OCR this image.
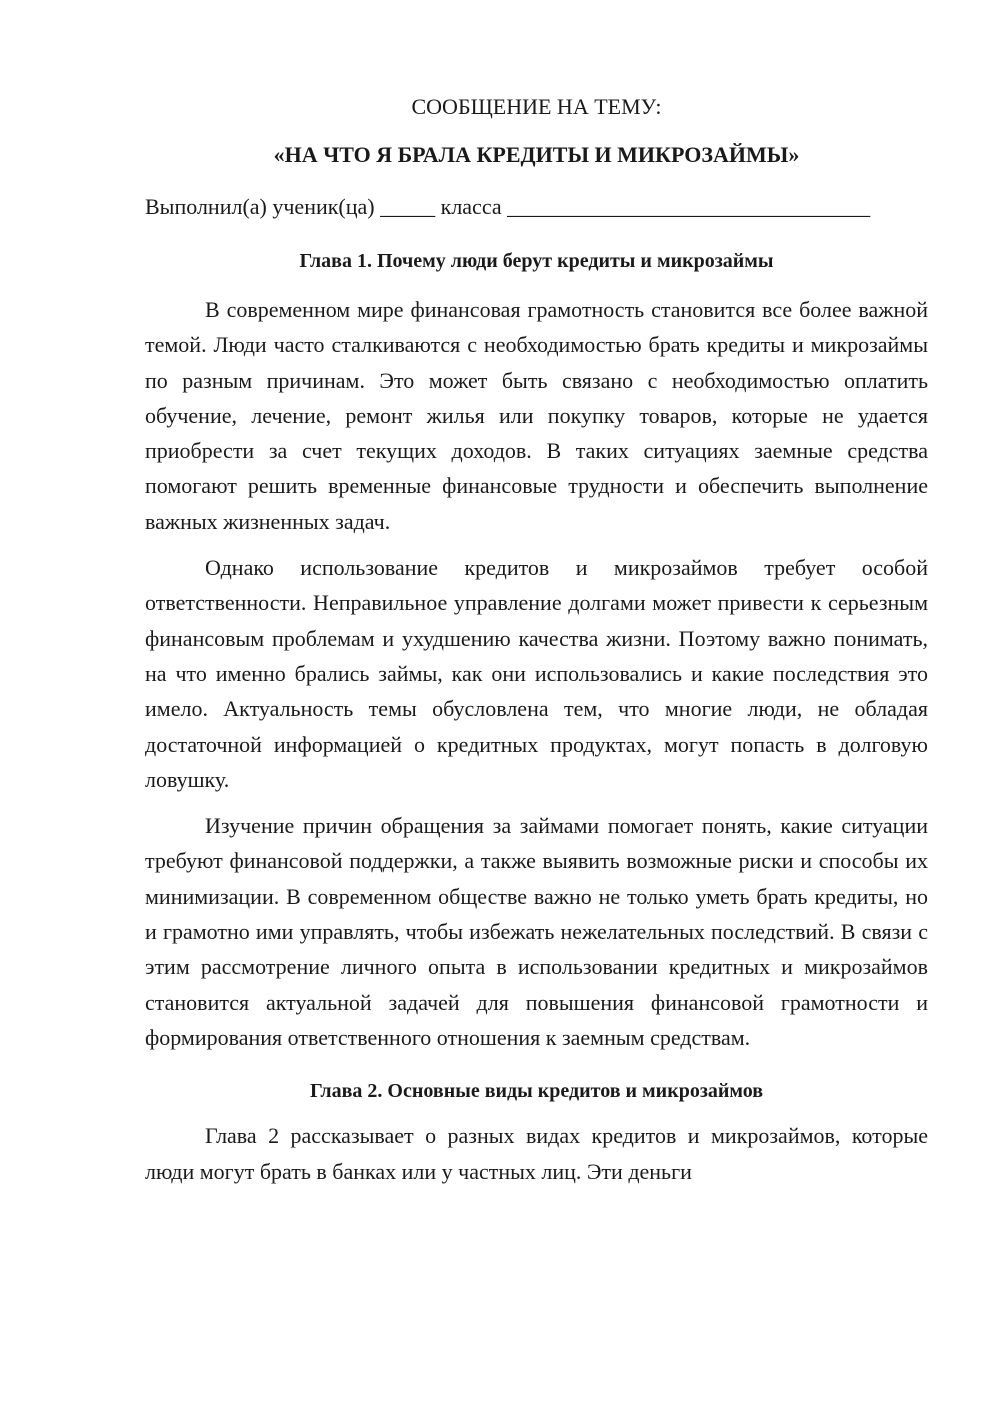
СООБЩЕНИЕ НА ТЕМУ:

«НА ЧТО Я БРАЛА КРЕДИТЫ И МИКРОЗАЙМЫ»

Выполнил(а) ученик(ца) _____ класса _________________________________

Глава 1. Почему люди берут кредиты и микрозаймы

В современном мире финансовая грамотность становится все более важной темой. Люди часто сталкиваются с необходимостью брать кредиты и микрозаймы по разным причинам. Это может быть связано с необходимостью оплатить обучение, лечение, ремонт жилья или покупку товаров, которые не удается приобрести за счет текущих доходов. В таких ситуациях заемные средства помогают решить временные финансовые трудности и обеспечить выполнение важных жизненных задач.

Однако использование кредитов и микрозаймов требует особой ответственности. Неправильное управление долгами может привести к серьезным финансовым проблемам и ухудшению качества жизни. Поэтому важно понимать, на что именно брались займы, как они использовались и какие последствия это имело. Актуальность темы обусловлена тем, что многие люди, не обладая достаточной информацией о кредитных продуктах, могут попасть в долговую ловушку.

Изучение причин обращения за займами помогает понять, какие ситуации требуют финансовой поддержки, а также выявить возможные риски и способы их минимизации. В современном обществе важно не только уметь брать кредиты, но и грамотно ими управлять, чтобы избежать нежелательных последствий. В связи с этим рассмотрение личного опыта в использовании кредитных и микрозаймов становится актуальной задачей для повышения финансовой грамотности и формирования ответственного отношения к заемным средствам.

Глава 2. Основные виды кредитов и микрозаймов

Глава 2 рассказывает о разных видах кредитов и микрозаймов, которые люди могут брать в банках или у частных лиц. Эти деньги
